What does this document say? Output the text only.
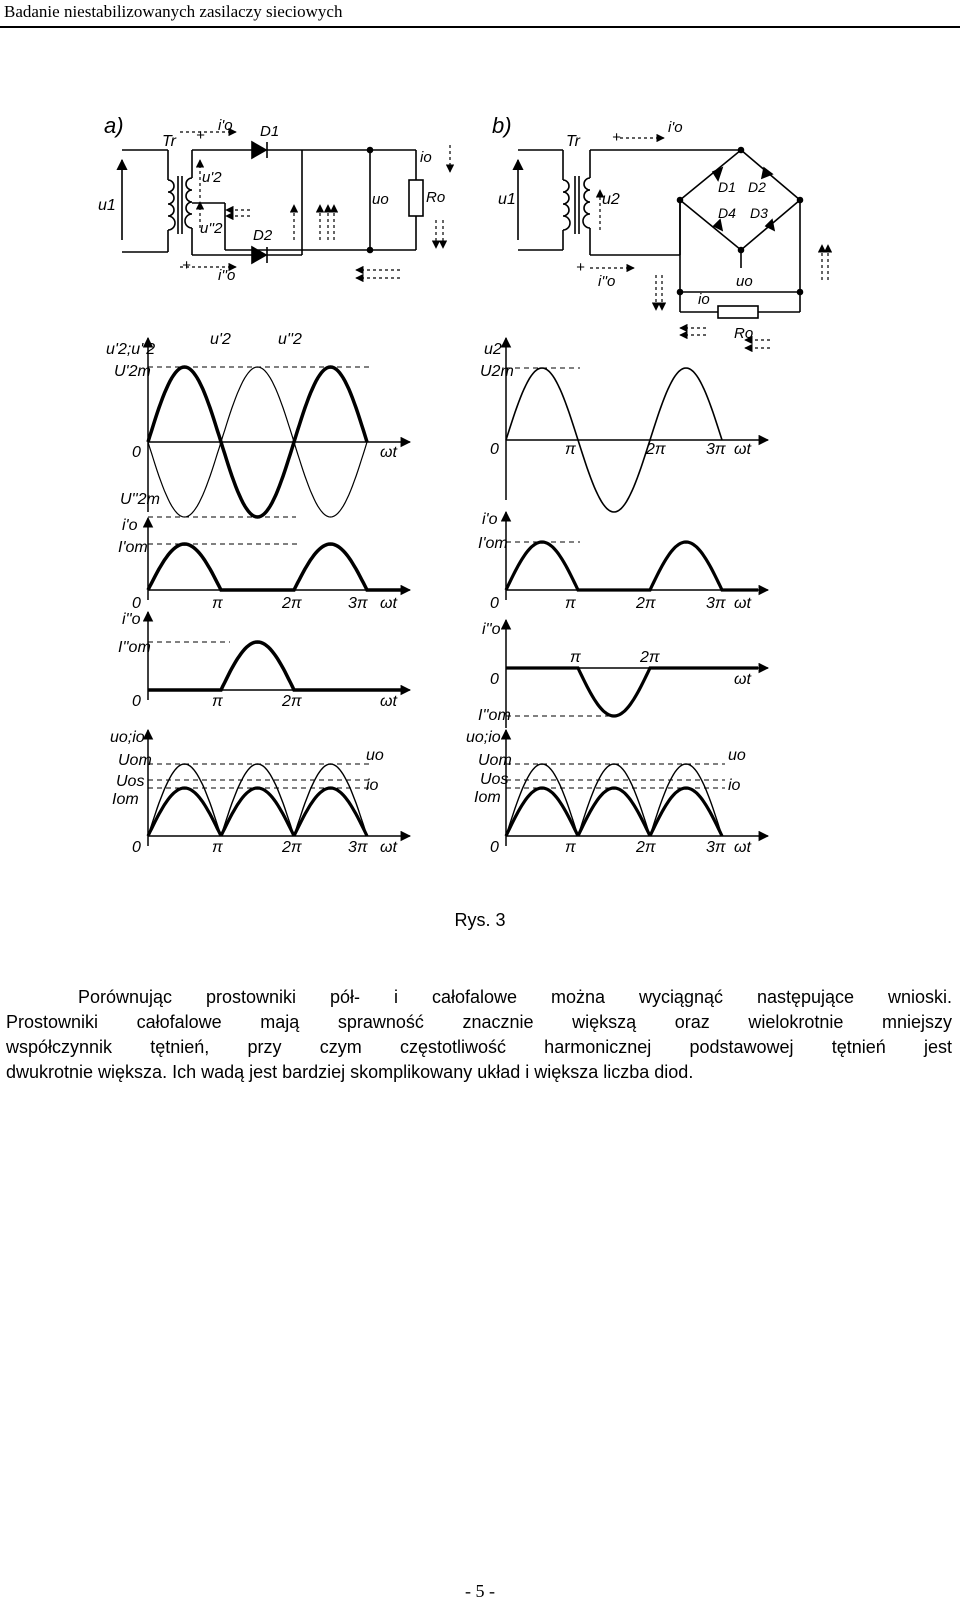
Badanie niestabilizowanych zasilaczy sieciowych
a)
u1
Tr
D1
D2
u'2
u''2
uo Ro
io
i'o
i''o
+
+
b)
u1
Tr
D1 D2
D4 D3
u2
uo
Ro
io
i'o
i''o
+
+
u'2;u''2
U'2m
u'2	u''2
0	ωt
U''2m
i'o
I'om
0	π	2π	3π ωt
i''o
I''om
0	π	2π	ωt
uo;io
Uom
Uos
Iom
uo
io
0	π	2π	3π ωt
u2
U2m
0	π	2π	3π ωt
i'o
I'om
0	π	2π	3π ωt
i''o
π	2π
0	ωt
I''om
uo;io
Uom
Uos
Iom
uo
io
0	π	2π	3π ωt
Rys. 3
Porównując prostowniki pół- i całofalowe można wyciągnąć następujące wnioski.
Prostowniki całofalowe mają sprawność znacznie większą oraz wielokrotnie mniejszy
współczynnik tętnień, przy czym częstotliwość harmonicznej podstawowej tętnień jest
dwukrotnie większa. Ich wadą jest bardziej skomplikowany układ i większa liczba diod.
- 5 -
